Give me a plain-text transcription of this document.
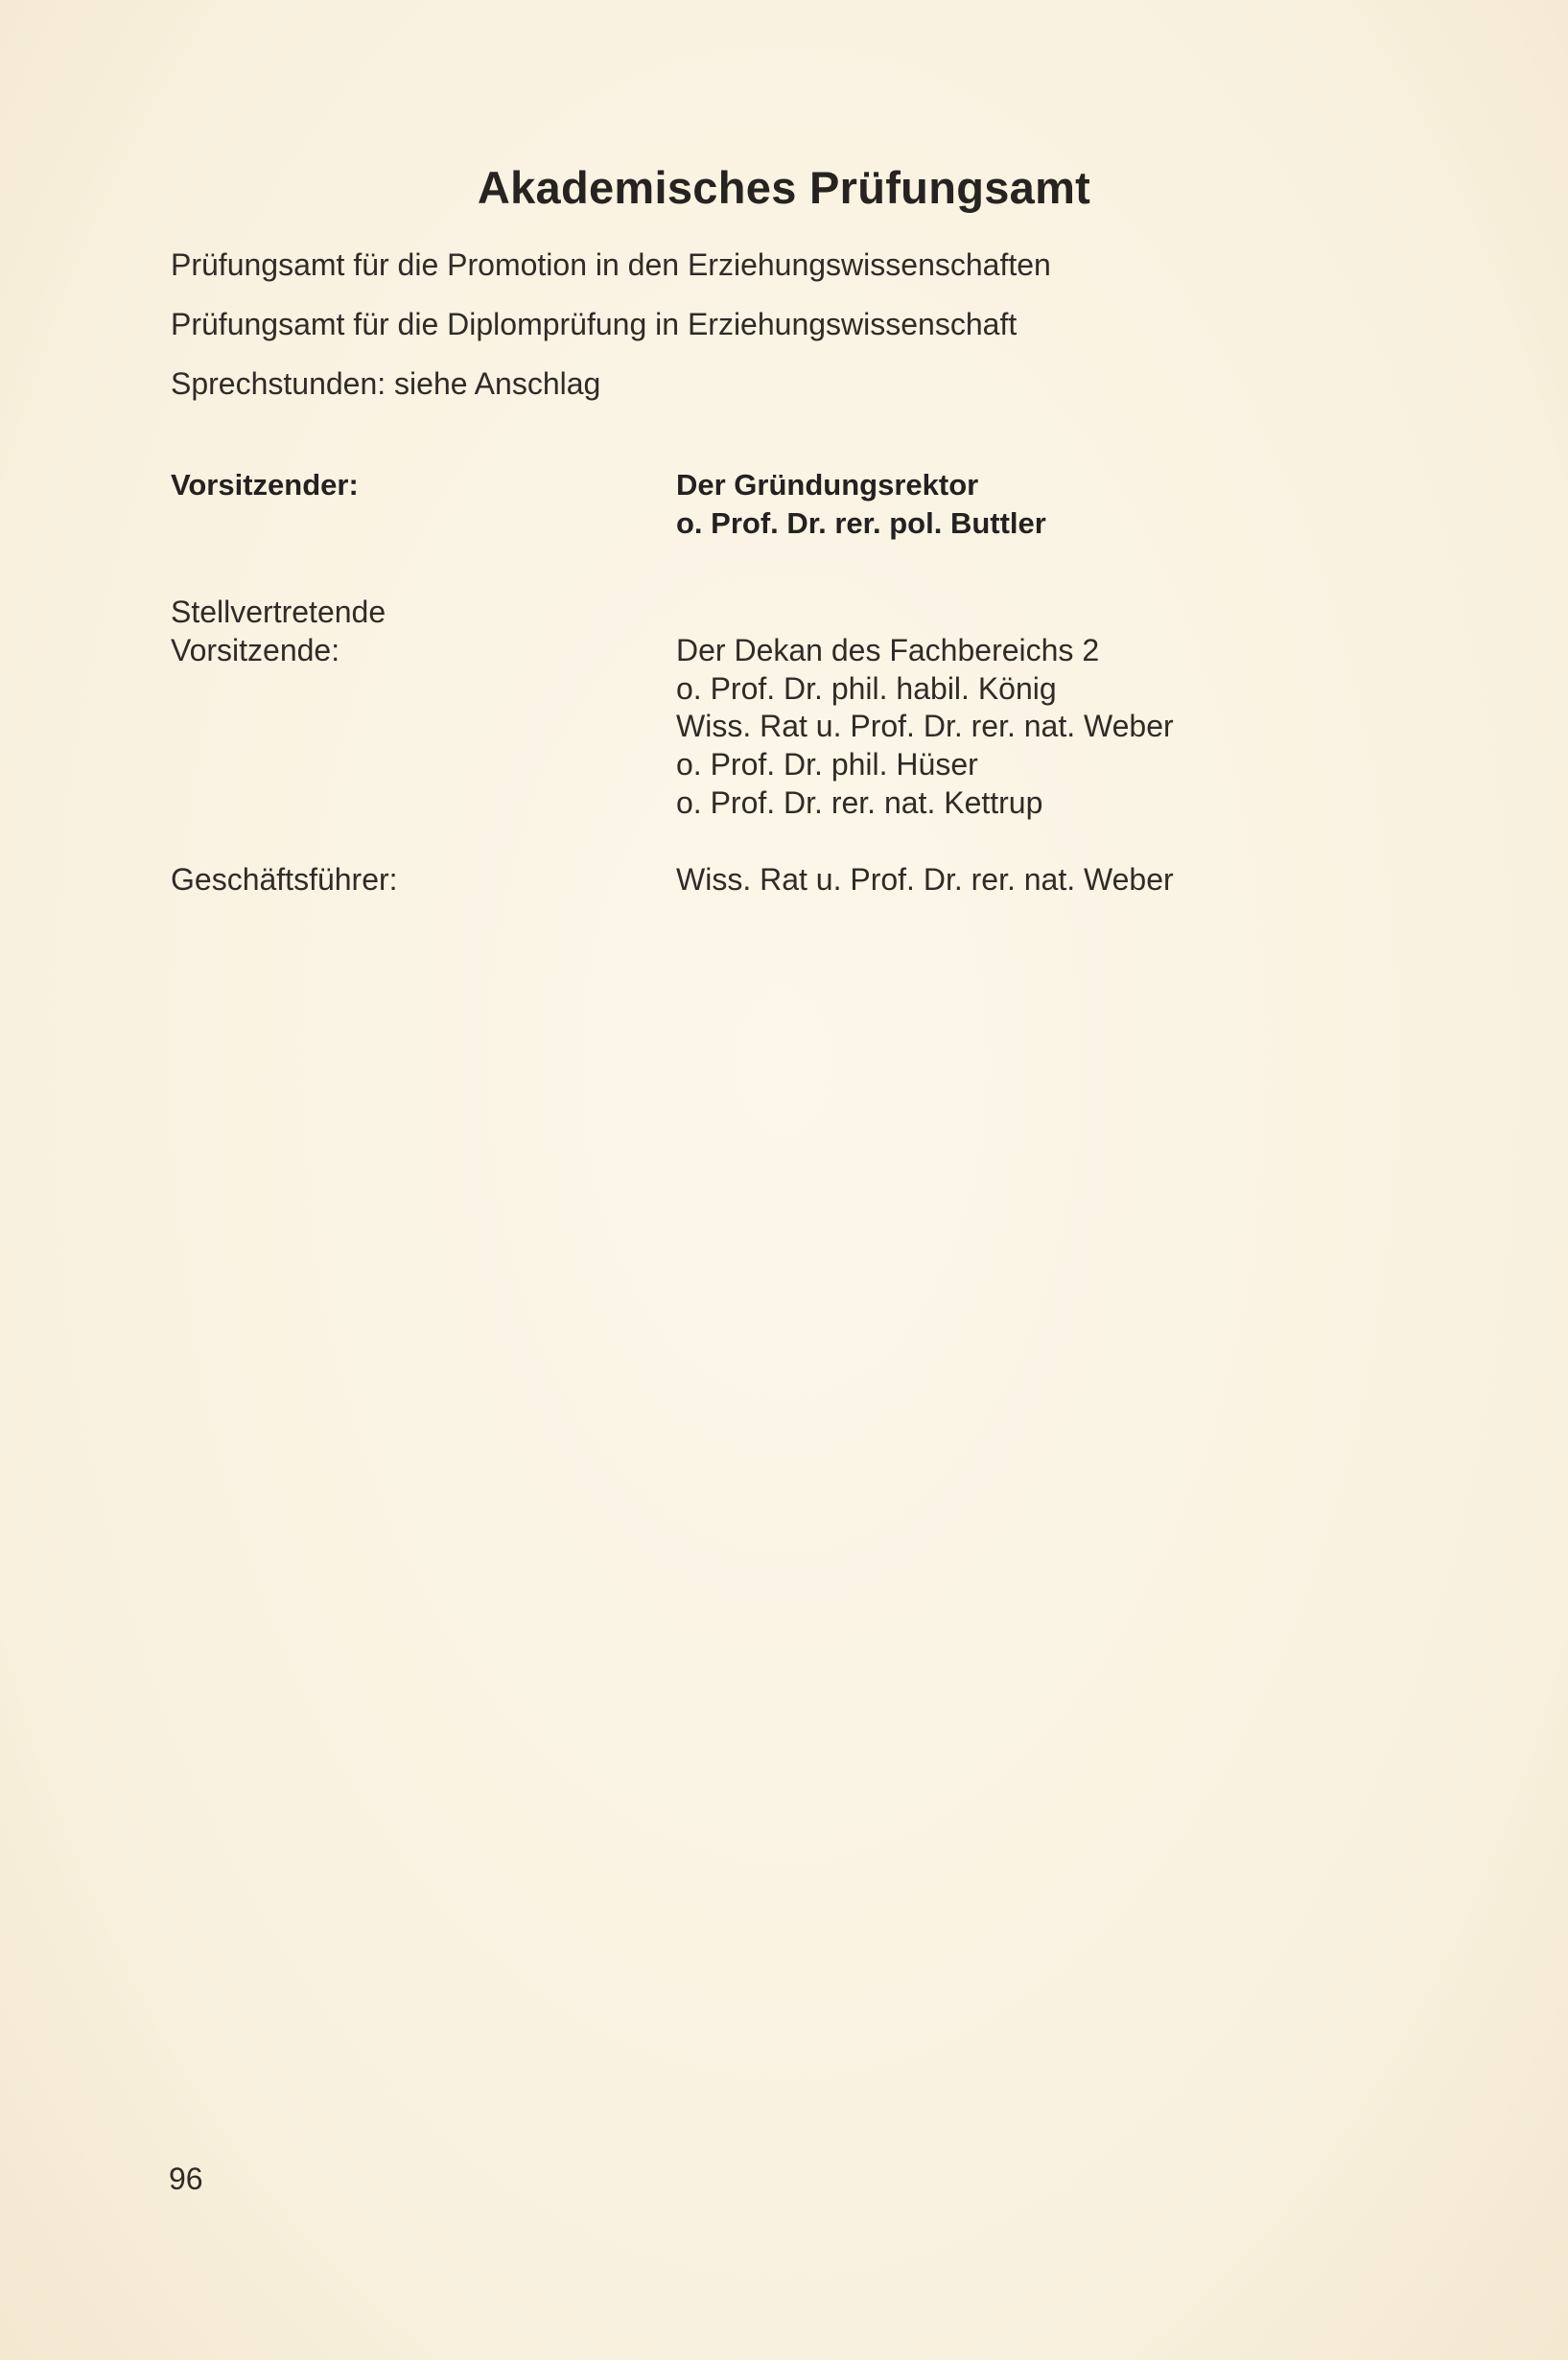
Akademisches Prüfungsamt
Prüfungsamt für die Promotion in den Erziehungswissenschaften
Prüfungsamt für die Diplomprüfung in Erziehungswissenschaft
Sprechstunden: siehe Anschlag
Vorsitzender:	Der Gründungsrektor
o. Prof. Dr. rer. pol. Buttler
Stellvertretende
Vorsitzende:	Der Dekan des Fachbereichs 2
o. Prof. Dr. phil. habil. König
Wiss. Rat u. Prof. Dr. rer. nat. Weber
o. Prof. Dr. phil. Hüser
o. Prof. Dr. rer. nat. Kettrup
Geschäftsführer:	Wiss. Rat u. Prof. Dr. rer. nat. Weber
96
